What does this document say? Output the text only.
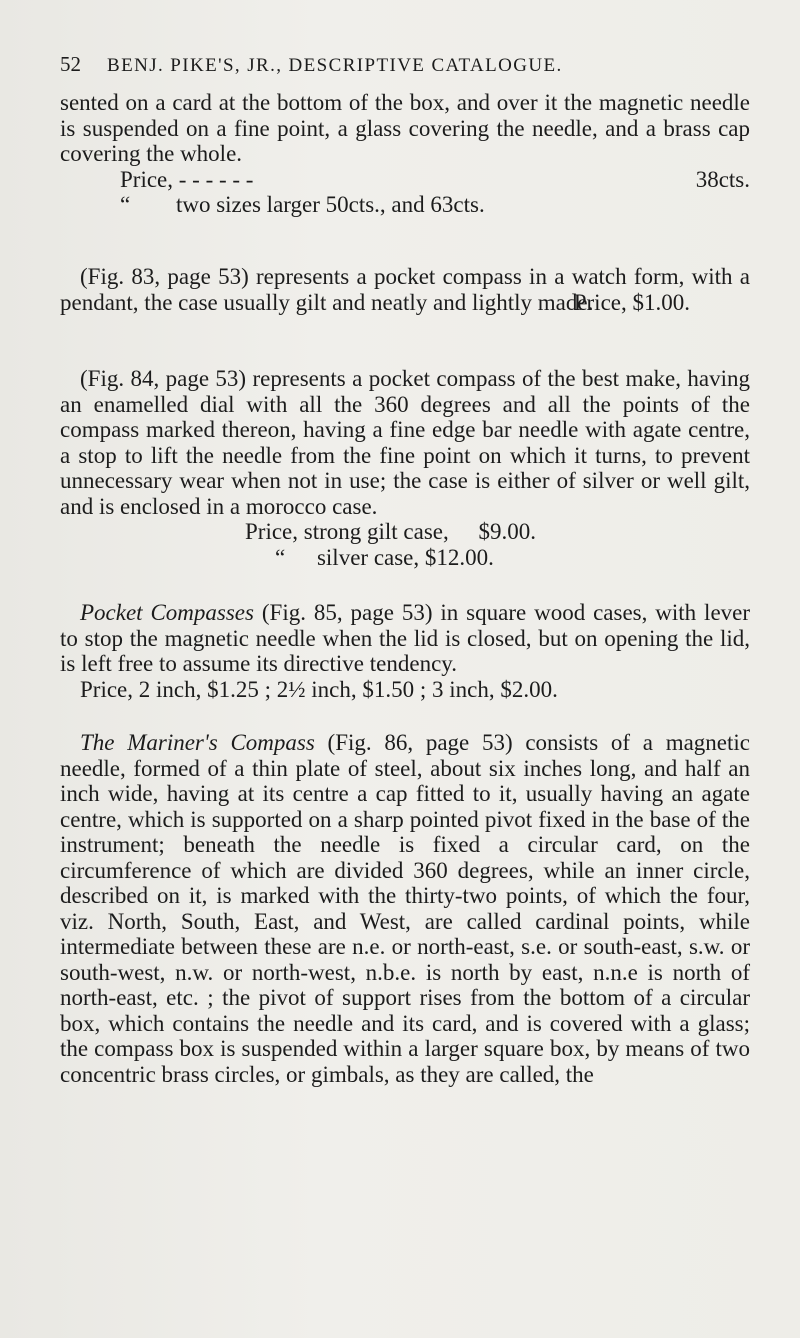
52 BENJ. PIKE'S, JR., DESCRIPTIVE CATALOGUE.

sented on a card at the bottom of the box, and over it the magnetic needle is suspended on a fine point, a glass covering the needle, and a brass cap covering the whole.

Price, - - - - - -	38cts.
“ two sizes larger 50cts., and 63cts.

(Fig. 83, page 53) represents a pocket compass in a watch form, with a pendant, the case usually gilt and neatly and lightly made.

Price, $1.00.

(Fig. 84, page 53) represents a pocket compass of the best make, having an enamelled dial with all the 360 degrees and all the points of the compass marked thereon, having a fine edge bar needle with agate centre, a stop to lift the needle from the fine point on which it turns, to prevent unnecessary wear when not in use; the case is either of silver or well gilt, and is enclosed in a morocco case.

Price, strong gilt case, $9.00.
“ silver case, $12.00.

Pocket Compasses (Fig. 85, page 53) in square wood cases, with lever to stop the magnetic needle when the lid is closed, but on opening the lid, is left free to assume its directive tendency.

Price, 2 inch, $1.25 ; 2½ inch, $1.50 ; 3 inch, $2.00.

The Mariner's Compass (Fig. 86, page 53) consists of a magnetic needle, formed of a thin plate of steel, about six inches long, and half an inch wide, having at its centre a cap fitted to it, usually having an agate centre, which is supported on a sharp pointed pivot fixed in the base of the instrument; beneath the needle is fixed a circular card, on the circumference of which are divided 360 degrees, while an inner circle, described on it, is marked with the thirty-two points, of which the four, viz. North, South, East, and West, are called cardinal points, while intermediate between these are n.e. or north-east, s.e. or south-east, s.w. or south-west, n.w. or north-west, n.b.e. is north by east, n.n.e is north of north-east, etc. ; the pivot of support rises from the bottom of a circular box, which contains the needle and its card, and is covered with a glass; the compass box is suspended within a larger square box, by means of two concentric brass circles, or gimbals, as they are called, the
